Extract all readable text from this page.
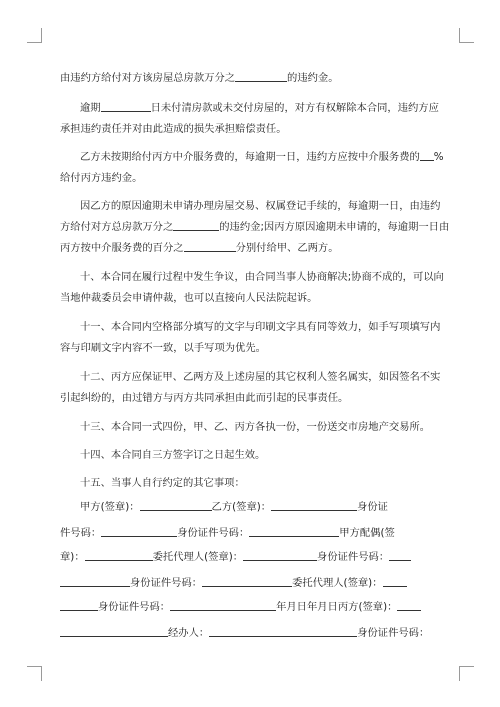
由违约方给付对方该房屋总房款万分之	的违约金。
逾期	日未付清房款或未交付房屋的，对方有权解除本合同，违约方应
承担违约责任并对由此造成的损失承担赔偿责任。
乙方未按期给付丙方中介服务费的，每逾期一日，违约方应按中介服务费的 %
给付丙方违约金。
因乙方的原因逾期未申请办理房屋交易、权属登记手续的，每逾期一日，由违约
方给付对方总房款万分之	的违约金;因丙方原因逾期未申请的，每逾期一日由
丙方按中介服务费的百分之	分别付给甲、乙两方。
十、本合同在履行过程中发生争议，由合同当事人协商解决;协商不成的，可以向
当地仲裁委员会申请仲裁，也可以直接向人民法院起诉。
十一、本合同内空格部分填写的文字与印刷文字具有同等效力，如手写项填写内
容与印刷文字内容不一致，以手写项为优先。
十二、丙方应保证甲、乙两方及上述房屋的其它权利人签名属实，如因签名不实
引起纠纷的，由过错方与丙方共同承担由此而引起的民事责任。
十三、本合同一式四份，甲、乙、丙方各执一份，一份送交市房地产交易所。
十四、本合同自三方签字订之日起生效。
十五、当事人自行约定的其它事项：
甲方(签章)：	乙方(签章)：	身份证
件号码：	身份证件号码：	甲方配偶(签
章)：	委托代理人(签章)：	身份证件号码：
身份证件号码：	委托代理人(签章)：
身份证件号码：	年月日年月日丙方(签章)：
经办人：	身份证件号码：
